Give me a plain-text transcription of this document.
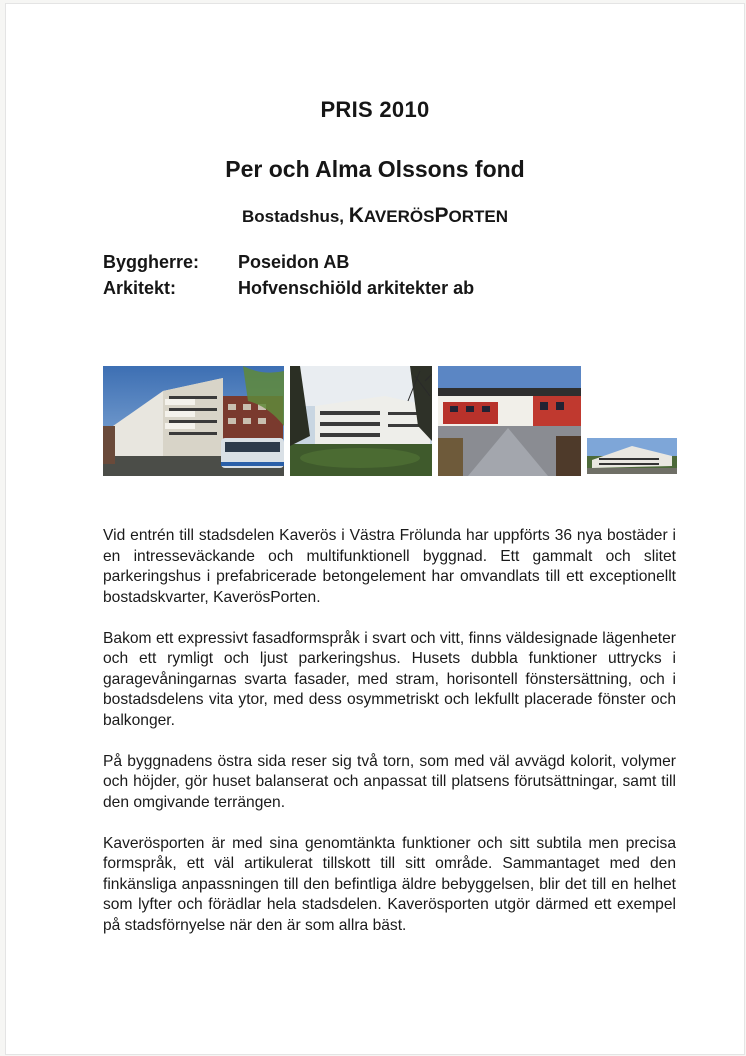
PRIS 2010
Per och Alma Olssons fond
Bostadshus, KAVERÖSPORTEN
Byggherre:	Poseidon AB
Arkitekt:	Hofvenschiöld arkitekter ab

Vid entrén till stadsdelen Kaverös i Västra Frölunda har uppförts 36 nya bostäder i en intresseväckande och multifunktionell byggnad. Ett gammalt och slitet parkeringshus i prefabricerade betongelement har omvandlats till ett exceptionellt bostadskvarter, KaverösPorten.

Bakom ett expressivt fasadformspråk i svart och vitt, finns väldesignade lägenheter och ett rymligt och ljust parkeringshus. Husets dubbla funktioner uttrycks i garagevåningarnas svarta fasader, med stram, horisontell fönstersättning, och i bostadsdelens vita ytor, med dess osymmetriskt och lekfullt placerade fönster och balkonger.

På byggnadens östra sida reser sig två torn, som med väl avvägd kolorit, volymer och höjder, gör huset balanserat och anpassat till platsens förutsättningar, samt till den omgivande terrängen.

Kaverösporten är med sina genomtänkta funktioner och sitt subtila men precisa formspråk, ett väl artikulerat tillskott till sitt område. Sammantaget med den finkänsliga anpassningen till den befintliga äldre bebyggelsen, blir det till en helhet som lyfter och förädlar hela stadsdelen. Kaverösporten utgör därmed ett exempel på stadsförnyelse när den är som allra bäst.
